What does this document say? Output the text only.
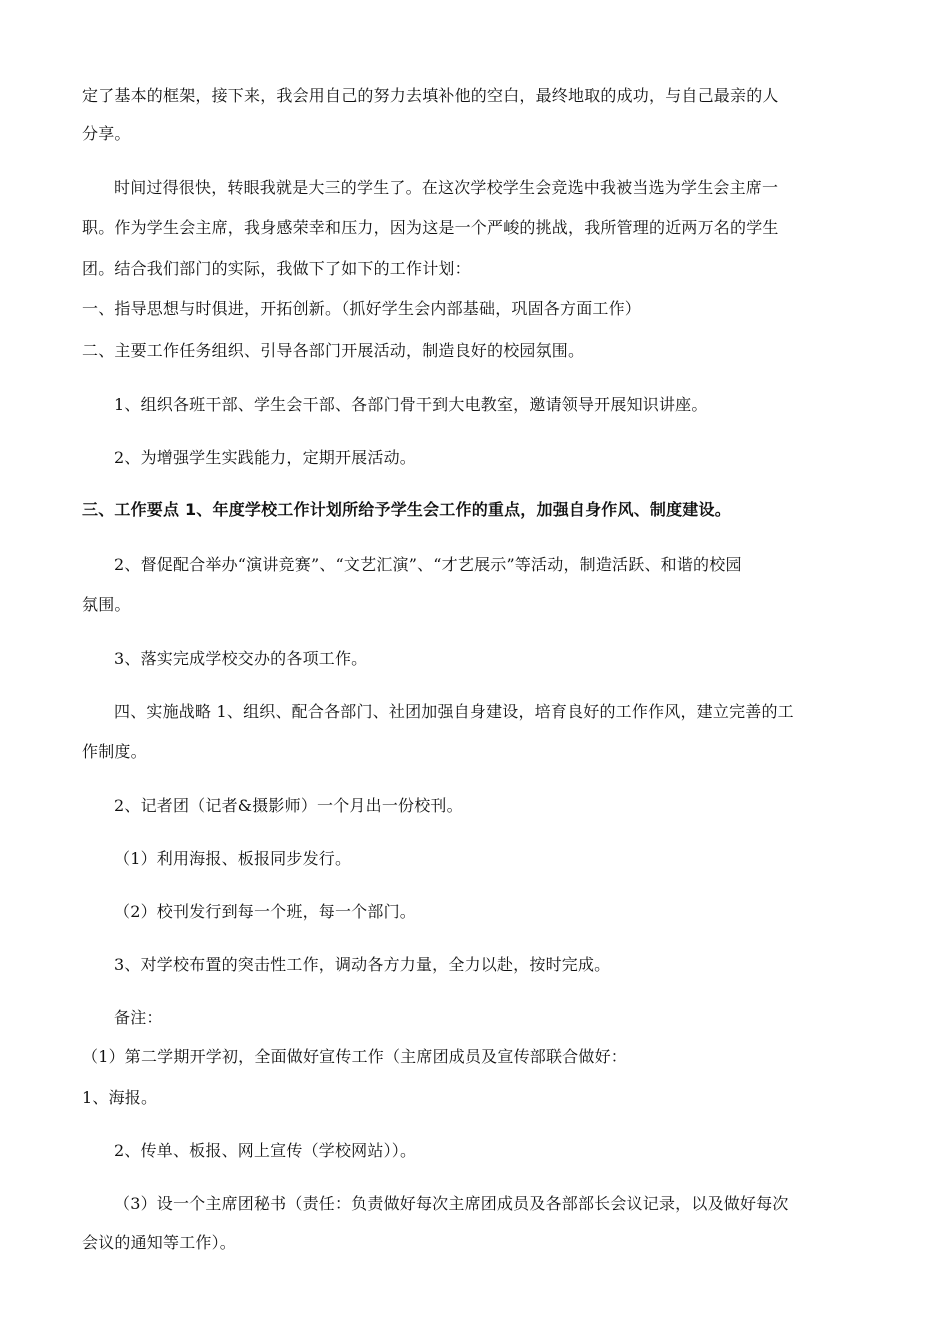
定了基本的框架，接下来，我会用自己的努力去填补他的空白，最终地取的成功，与自己最亲的人
分享。
时间过得很快，转眼我就是大三的学生了。在这次学校学生会竞选中我被当选为学生会主席一
职。作为学生会主席，我身感荣幸和压力，因为这是一个严峻的挑战，我所管理的近两万名的学生
团。结合我们部门的实际，我做下了如下的工作计划：
一、指导思想与时俱进，开拓创新。（抓好学生会内部基础，巩固各方面工作）
二、主要工作任务组织、引导各部门开展活动，制造良好的校园氛围。
1、组织各班干部、学生会干部、各部门骨干到大电教室，邀请领导开展知识讲座。
2、为增强学生实践能力，定期开展活动。
三、工作要点 1、年度学校工作计划所给予学生会工作的重点，加强自身作风、制度建设。
2、督促配合举办“演讲竞赛”、“文艺汇演”、“才艺展示”等活动，制造活跃、和谐的校园
氛围。
3、落实完成学校交办的各项工作。
四、实施战略 1、组织、配合各部门、社团加强自身建设，培育良好的工作作风，建立完善的工
作制度。
2、记者团（记者&摄影师）一个月出一份校刊。
（1）利用海报、板报同步发行。
（2）校刊发行到每一个班，每一个部门。
3、对学校布置的突击性工作，调动各方力量，全力以赴，按时完成。
备注：
（1）第二学期开学初，全面做好宣传工作（主席团成员及宣传部联合做好：
1、海报。
2、传单、板报、网上宣传（学校网站））。
（3）设一个主席团秘书（责任：负责做好每次主席团成员及各部部长会议记录，以及做好每次
会议的通知等工作）。
